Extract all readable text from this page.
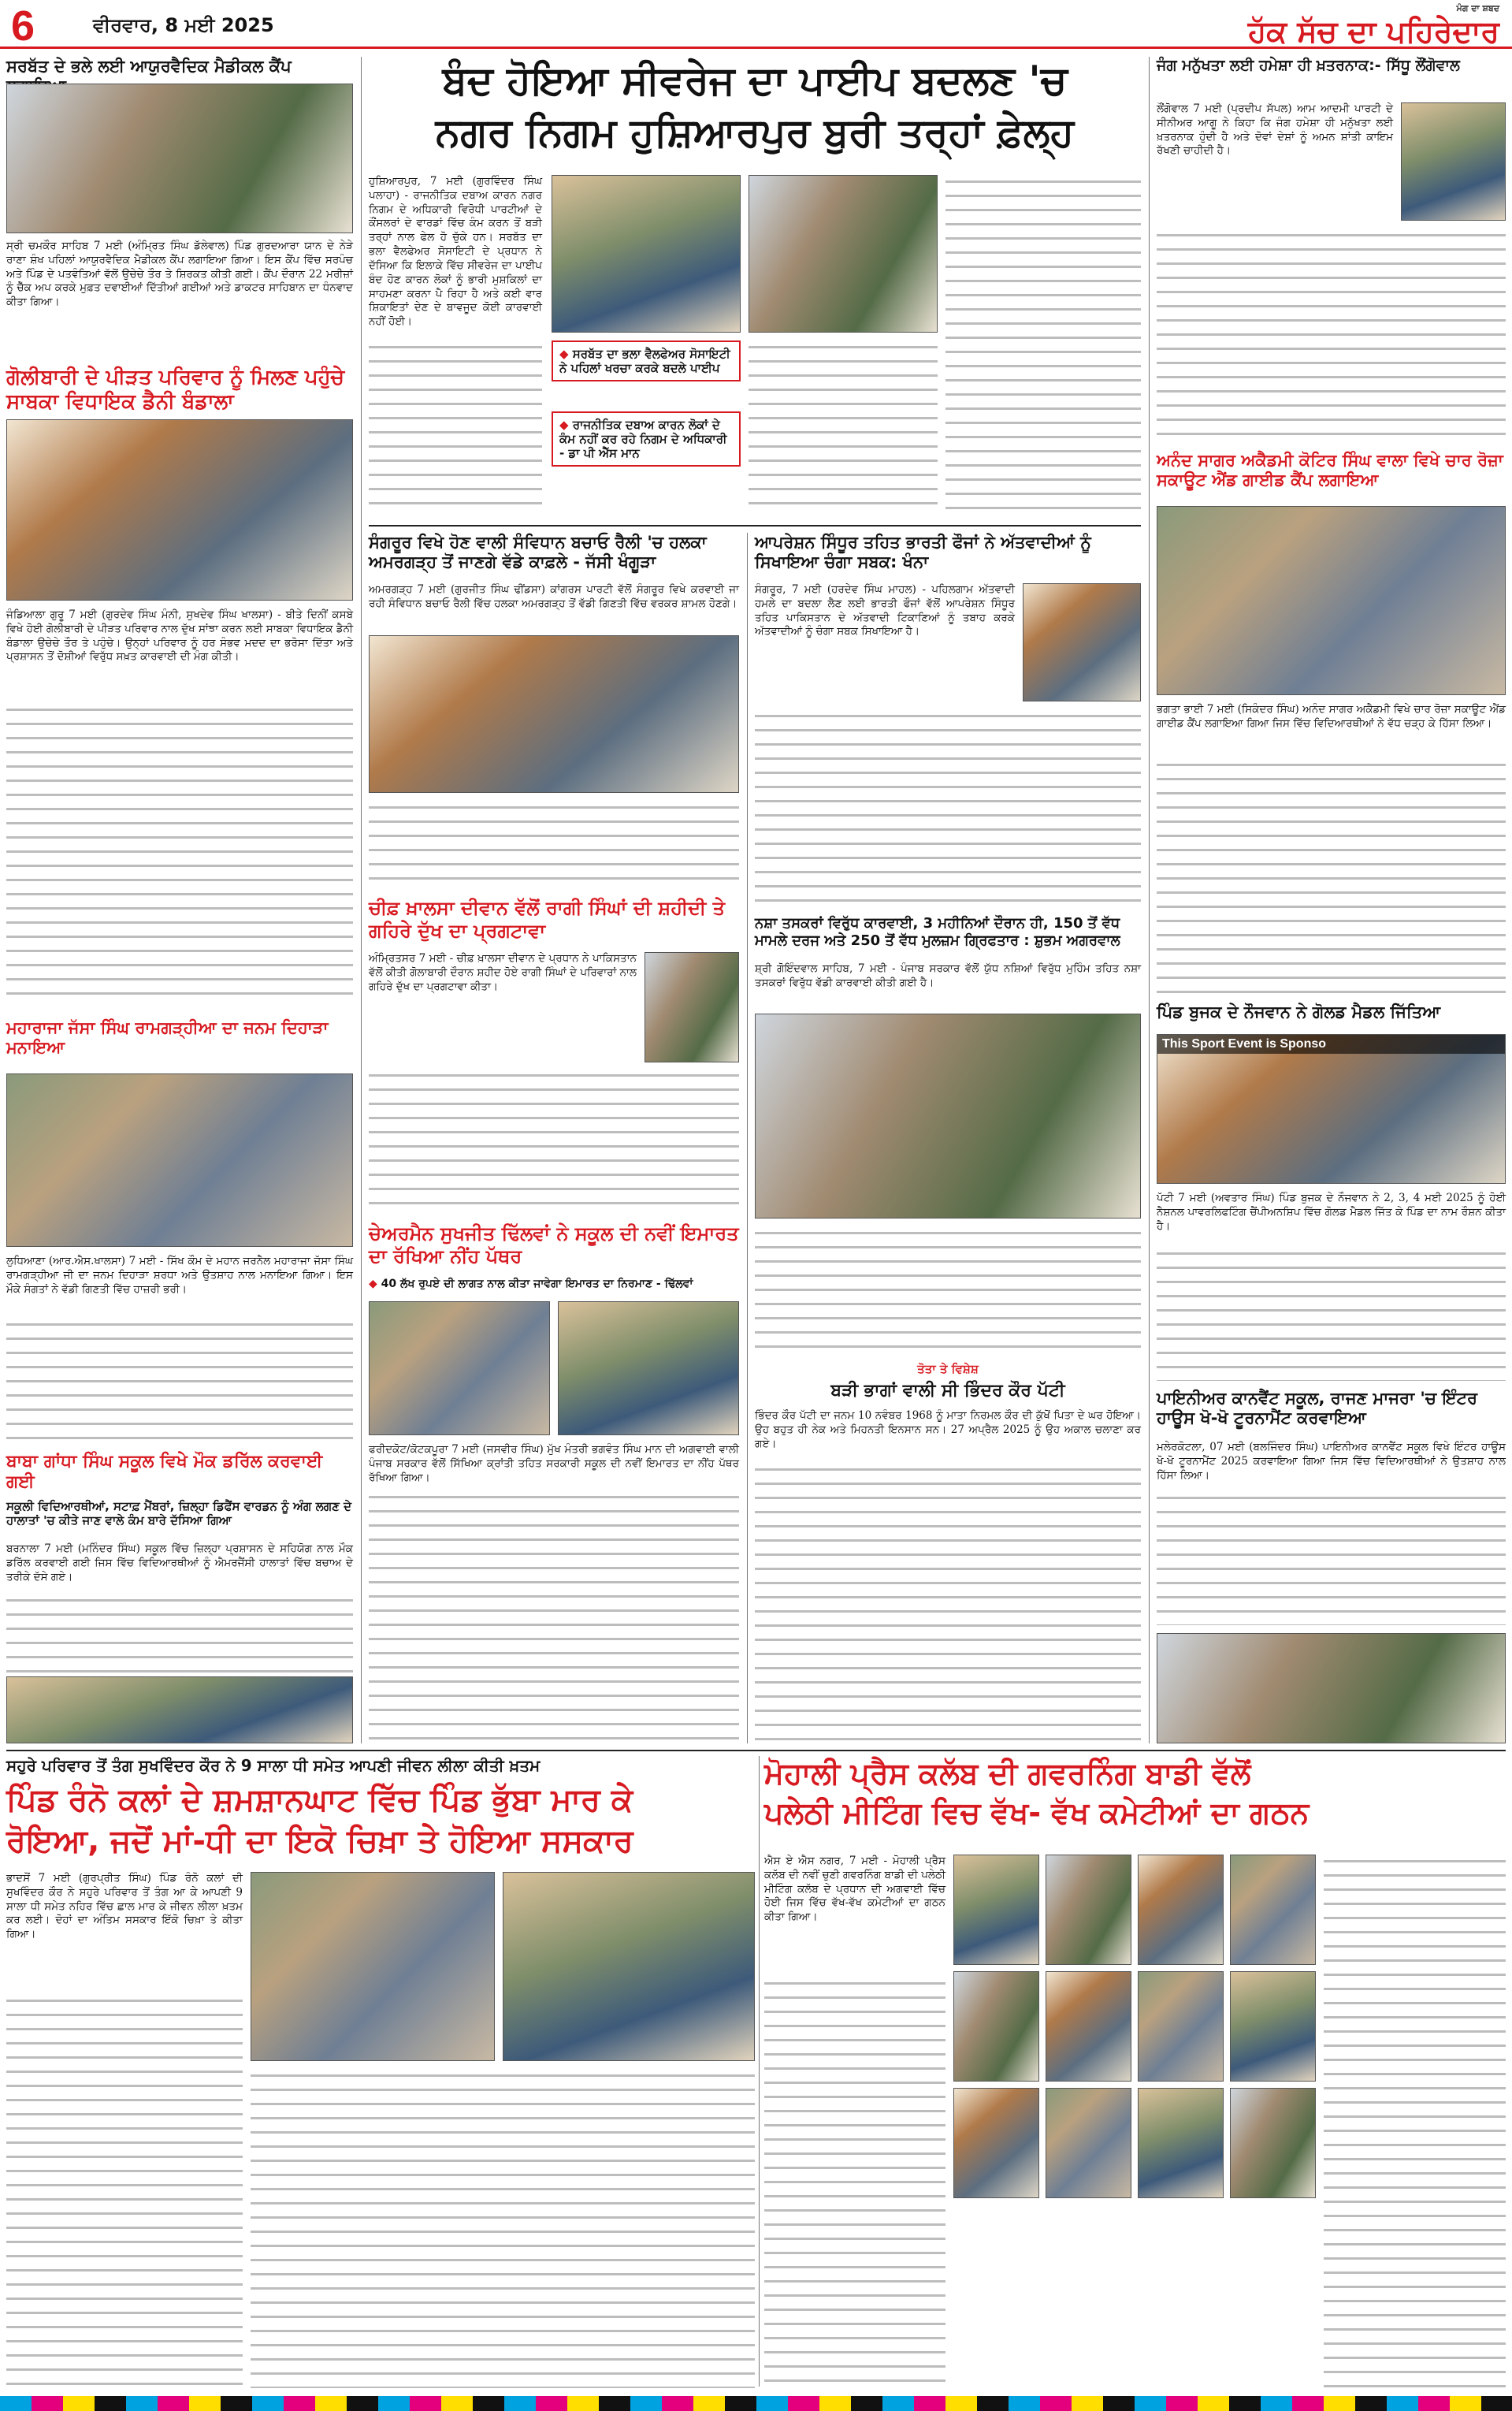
6	ਵੀਰਵਾਰ, 8 ਮਈ 2025
ਮੰਗ ਦਾ ਸ਼ਬਦ
ਹੱਕ ਸੱਚ ਦਾ ਪਹਿਰੇਦਾਰ
ਸਰਬੱਤ ਦੇ ਭਲੇ ਲਈ ਆਯੁਰਵੈਦਿਕ ਮੈਡੀਕਲ ਕੈਂਪ
ਸ੍ਰੀ ਚਮਕੌਰ ਸਾਹਿਬ 7 ਮਈ (ਅੰਮ੍ਰਿਤ ਸਿੰਘ ਡੱਲੇਵਾਲ) ਪਿੰਡ ਗੁਰਦਆਰਾ ਯਾਨ ਦੇ ਨੇੜੇ ਰਾਣਾ ਸ਼ੰਖ ਪਹਿਲਾਂ ਆਯੁਰਵੈਦਿਕ ਮੈਡੀਕਲ ਕੈਂਪ ਲਗਾਇਆ ਗਿਆ। ਇਸ ਕੈਂਪ ਵਿੱਚ ਸਰਪੰਚ ਅਤੇ ਪਿੰਡ ਦੇ ਪਤਵੰਤਿਆਂ ਵੱਲੋਂ ਉਚੇਚੇ ਤੌਰ ਤੇ ਸ਼ਿਰਕਤ ਕੀਤੀ ਗਈ। ਕੈਂਪ ਦੌਰਾਨ 22 ਮਰੀਜ਼ਾਂ ਨੂੰ ਚੈੱਕ ਅਪ ਕਰਕੇ ਮੁਫ਼ਤ ਦਵਾਈਆਂ ਦਿੱਤੀਆਂ ਗਈਆਂ ਅਤੇ ਡਾਕਟਰ ਸਾਹਿਬਾਨ ਦਾ ਧੰਨਵਾਦ ਕੀਤਾ ਗਿਆ।
ਗੋਲੀਬਾਰੀ ਦੇ ਪੀੜਤ ਪਰਿਵਾਰ ਨੂੰ ਮਿਲਣ ਪਹੁੰਚੇ ਸਾਬਕਾ ਵਿਧਾਇਕ ਡੈਨੀ ਬੰਡਾਲਾ
ਜੰਡਿਆਲਾ ਗੁਰੂ 7 ਮਈ (ਗੁਰਦੇਵ ਸਿੰਘ ਮੰਨੀ, ਸੁਖਦੇਵ ਸਿੰਘ ਖਾਲਸਾ) - ਬੀਤੇ ਦਿਨੀਂ ਕਸਬੇ ਵਿਖੇ ਹੋਈ ਗੋਲੀਬਾਰੀ ਦੇ ਪੀੜਤ ਪਰਿਵਾਰ ਨਾਲ ਦੁੱਖ ਸਾਂਝਾ ਕਰਨ ਲਈ ਸਾਬਕਾ ਵਿਧਾਇਕ ਡੈਨੀ ਬੰਡਾਲਾ ਉਚੇਚੇ ਤੌਰ ਤੇ ਪਹੁੰਚੇ। ਉਨ੍ਹਾਂ ਪਰਿਵਾਰ ਨੂੰ ਹਰ ਸੰਭਵ ਮਦਦ ਦਾ ਭਰੋਸਾ ਦਿੱਤਾ ਅਤੇ ਪ੍ਰਸ਼ਾਸਨ ਤੋਂ ਦੋਸ਼ੀਆਂ ਵਿਰੁੱਧ ਸਖ਼ਤ ਕਾਰਵਾਈ ਦੀ ਮੰਗ ਕੀਤੀ।
ਮਹਾਰਾਜਾ ਜੱਸਾ ਸਿੰਘ ਰਾਮਗੜ੍ਹੀਆ ਦਾ ਜਨਮ ਦਿਹਾੜਾ ਮਨਾਇਆ
ਲੁਧਿਆਣਾ (ਆਰ.ਐਸ.ਖਾਲਸਾ) 7 ਮਈ - ਸਿੱਖ ਕੌਮ ਦੇ ਮਹਾਨ ਜਰਨੈਲ ਮਹਾਰਾਜਾ ਜੱਸਾ ਸਿੰਘ ਰਾਮਗੜ੍ਹੀਆ ਜੀ ਦਾ ਜਨਮ ਦਿਹਾੜਾ ਸ਼ਰਧਾ ਅਤੇ ਉਤਸ਼ਾਹ ਨਾਲ ਮਨਾਇਆ ਗਿਆ। ਇਸ ਮੌਕੇ ਸੰਗਤਾਂ ਨੇ ਵੱਡੀ ਗਿਣਤੀ ਵਿੱਚ ਹਾਜ਼ਰੀ ਭਰੀ।
ਬਾਬਾ ਗਾਂਧਾ ਸਿੰਘ ਸਕੂਲ ਵਿਖੇ ਮੌਕ ਡਰਿੱਲ ਕਰਵਾਈ ਗਈ
ਸਕੂਲੀ ਵਿਦਿਆਰਥੀਆਂ, ਸਟਾਫ਼ ਮੈਂਬਰਾਂ, ਜ਼ਿਲ੍ਹਾ ਡਿਫੈਂਸ ਵਾਰਡਨ ਨੂੰ ਅੰਗ ਲਗਣ ਦੇ ਹਾਲਾਤਾਂ 'ਚ ਕੀਤੇ ਜਾਣ ਵਾਲੇ ਕੰਮ ਬਾਰੇ ਦੱਸਿਆ ਗਿਆ
ਬਰਨਾਲਾ 7 ਮਈ (ਮਨਿੰਦਰ ਸਿੰਘ) ਸਕੂਲ ਵਿੱਚ ਜ਼ਿਲ੍ਹਾ ਪ੍ਰਸ਼ਾਸਨ ਦੇ ਸਹਿਯੋਗ ਨਾਲ ਮੌਕ ਡਰਿੱਲ ਕਰਵਾਈ ਗਈ ਜਿਸ ਵਿੱਚ ਵਿਦਿਆਰਥੀਆਂ ਨੂੰ ਐਮਰਜੈਂਸੀ ਹਾਲਾਤਾਂ ਵਿੱਚ ਬਚਾਅ ਦੇ ਤਰੀਕੇ ਦੱਸੇ ਗਏ।
ਬੰਦ ਹੋਇਆ ਸੀਵਰੇਜ ਦਾ ਪਾਈਪ ਬਦਲਣ 'ਚ
ਨਗਰ ਨਿਗਮ ਹੁਸ਼ਿਆਰਪੁਰ ਬੁਰੀ ਤਰ੍ਹਾਂ ਫ਼ੇਲ੍ਹ
ਹੁਸ਼ਿਆਰਪੁਰ, 7 ਮਈ (ਗੁਰਵਿੰਦਰ ਸਿੰਘ ਪਲਾਹਾ) - ਰਾਜਨੀਤਿਕ ਦਬਾਅ ਕਾਰਨ ਨਗਰ ਨਿਗਮ ਦੇ ਅਧਿਕਾਰੀ ਵਿਰੋਧੀ ਪਾਰਟੀਆਂ ਦੇ ਕੌਂਸਲਰਾਂ ਦੇ ਵਾਰਡਾਂ ਵਿੱਚ ਕੰਮ ਕਰਨ ਤੋਂ ਬੜੀ ਤਰ੍ਹਾਂ ਨਾਲ ਫੇਲ ਹੋ ਚੁੱਕੇ ਹਨ। ਸਰਬੱਤ ਦਾ ਭਲਾ ਵੈਲਫੇਅਰ ਸੋਸਾਇਟੀ ਦੇ ਪ੍ਰਧਾਨ ਨੇ ਦੱਸਿਆ ਕਿ ਇਲਾਕੇ ਵਿੱਚ ਸੀਵਰੇਜ ਦਾ ਪਾਈਪ ਬੰਦ ਹੋਣ ਕਾਰਨ ਲੋਕਾਂ ਨੂੰ ਭਾਰੀ ਮੁਸ਼ਕਿਲਾਂ ਦਾ ਸਾਹਮਣਾ ਕਰਨਾ ਪੈ ਰਿਹਾ ਹੈ ਅਤੇ ਕਈ ਵਾਰ ਸ਼ਿਕਾਇਤਾਂ ਦੇਣ ਦੇ ਬਾਵਜੂਦ ਕੋਈ ਕਾਰਵਾਈ ਨਹੀਂ ਹੋਈ।
◆ ਸਰਬੱਤ ਦਾ ਭਲਾ ਵੈਲਫੇਅਰ ਸੋਸਾਇਟੀ ਨੇ ਪਹਿਲਾਂ ਖਰਚਾ ਕਰਕੇ ਬਦਲੇ ਪਾਈਪ
◆ ਰਾਜਨੀਤਿਕ ਦਬਾਅ ਕਾਰਨ ਲੋਕਾਂ ਦੇ ਕੰਮ ਨਹੀਂ ਕਰ ਰਹੇ ਨਿਗਮ ਦੇ ਅਧਿਕਾਰੀ - ਡਾ ਪੀ ਐੱਸ ਮਾਨ
ਸੰਗਰੂਰ ਵਿਖੇ ਹੋਣ ਵਾਲੀ ਸੰਵਿਧਾਨ ਬਚਾਓ ਰੈਲੀ 'ਚ ਹਲਕਾ ਅਮਰਗੜ੍ਹ ਤੋਂ ਜਾਣਗੇ ਵੱਡੇ ਕਾਫ਼ਲੇ - ਜੱਸੀ ਖੰਗੂੜਾ
ਅਮਰਗੜ੍ਹ 7 ਮਈ (ਗੁਰਜੀਤ ਸਿੰਘ ਢੀਂਡਸਾ) ਕਾਂਗਰਸ ਪਾਰਟੀ ਵੱਲੋਂ ਸੰਗਰੂਰ ਵਿਖੇ ਕਰਵਾਈ ਜਾ ਰਹੀ ਸੰਵਿਧਾਨ ਬਚਾਓ ਰੈਲੀ ਵਿੱਚ ਹਲਕਾ ਅਮਰਗੜ੍ਹ ਤੋਂ ਵੱਡੀ ਗਿਣਤੀ ਵਿੱਚ ਵਰਕਰ ਸ਼ਾਮਲ ਹੋਣਗੇ।
ਚੀਫ਼ ਖ਼ਾਲਸਾ ਦੀਵਾਨ ਵੱਲੋਂ ਰਾਗੀ ਸਿੰਘਾਂ ਦੀ ਸ਼ਹੀਦੀ ਤੇ ਗਹਿਰੇ ਦੁੱਖ ਦਾ ਪ੍ਰਗਟਾਵਾ
ਅੰਮ੍ਰਿਤਸਰ 7 ਮਈ - ਚੀਫ਼ ਖ਼ਾਲਸਾ ਦੀਵਾਨ ਦੇ ਪ੍ਰਧਾਨ ਨੇ ਪਾਕਿਸਤਾਨ ਵੱਲੋਂ ਕੀਤੀ ਗੋਲਾਬਾਰੀ ਦੌਰਾਨ ਸ਼ਹੀਦ ਹੋਏ ਰਾਗੀ ਸਿੰਘਾਂ ਦੇ ਪਰਿਵਾਰਾਂ ਨਾਲ ਗਹਿਰੇ ਦੁੱਖ ਦਾ ਪ੍ਰਗਟਾਵਾ ਕੀਤਾ।
ਚੇਅਰਮੈਨ ਸੁਖਜੀਤ ਢਿੱਲਵਾਂ ਨੇ ਸਕੂਲ ਦੀ ਨਵੀਂ ਇਮਾਰਤ ਦਾ ਰੱਖਿਆ ਨੀਂਹ ਪੱਥਰ
◆ 40 ਲੱਖ ਰੁਪਏ ਦੀ ਲਾਗਤ ਨਾਲ ਕੀਤਾ ਜਾਵੇਗਾ ਇਮਾਰਤ ਦਾ ਨਿਰਮਾਣ - ਢਿੱਲਵਾਂ
ਫਰੀਦਕੋਟ/ਕੋਟਕਪੂਰਾ 7 ਮਈ (ਜਸਵੀਰ ਸਿੰਘ) ਮੁੱਖ ਮੰਤਰੀ ਭਗਵੰਤ ਸਿੰਘ ਮਾਨ ਦੀ ਅਗਵਾਈ ਵਾਲੀ ਪੰਜਾਬ ਸਰਕਾਰ ਵੱਲੋਂ ਸਿੱਖਿਆ ਕ੍ਰਾਂਤੀ ਤਹਿਤ ਸਰਕਾਰੀ ਸਕੂਲ ਦੀ ਨਵੀਂ ਇਮਾਰਤ ਦਾ ਨੀਂਹ ਪੱਥਰ ਰੱਖਿਆ ਗਿਆ।
ਆਪਰੇਸ਼ਨ ਸਿੰਧੂਰ ਤਹਿਤ ਭਾਰਤੀ ਫੌਜਾਂ ਨੇ ਅੱਤਵਾਦੀਆਂ ਨੂੰ ਸਿਖਾਇਆ ਚੰਗਾ ਸਬਕ: ਖੰਨਾ
ਸੰਗਰੂਰ, 7 ਮਈ (ਹਰਦੇਵ ਸਿੰਘ ਮਾਹਲ) - ਪਹਿਲਗਾਮ ਅੱਤਵਾਦੀ ਹਮਲੇ ਦਾ ਬਦਲਾ ਲੈਣ ਲਈ ਭਾਰਤੀ ਫੌਜਾਂ ਵੱਲੋਂ ਆਪਰੇਸ਼ਨ ਸਿੰਧੂਰ ਤਹਿਤ ਪਾਕਿਸਤਾਨ ਦੇ ਅੱਤਵਾਦੀ ਟਿਕਾਣਿਆਂ ਨੂੰ ਤਬਾਹ ਕਰਕੇ ਅੱਤਵਾਦੀਆਂ ਨੂੰ ਚੰਗਾ ਸਬਕ ਸਿਖਾਇਆ ਹੈ।
ਨਸ਼ਾ ਤਸਕਰਾਂ ਵਿਰੁੱਧ ਕਾਰਵਾਈ, 3 ਮਹੀਨਿਆਂ ਦੌਰਾਨ ਹੀ, 150 ਤੋਂ ਵੱਧ ਮਾਮਲੇ ਦਰਜ ਅਤੇ 250 ਤੋਂ ਵੱਧ ਮੁਲਜ਼ਮ ਗ੍ਰਿਫਤਾਰ : ਸ਼ੁਭਮ ਅਗਰਵਾਲ
ਸ਼੍ਰੀ ਗੋਇੰਦਵਾਲ ਸਾਹਿਬ, 7 ਮਈ - ਪੰਜਾਬ ਸਰਕਾਰ ਵੱਲੋਂ ਯੁੱਧ ਨਸ਼ਿਆਂ ਵਿਰੁੱਧ ਮੁਹਿੰਮ ਤਹਿਤ ਨਸ਼ਾ ਤਸਕਰਾਂ ਵਿਰੁੱਧ ਵੱਡੀ ਕਾਰਵਾਈ ਕੀਤੀ ਗਈ ਹੈ।
ਤੋਤਾ ਤੇ ਵਿਸ਼ੇਸ਼
ਬੜੀ ਭਾਗਾਂ ਵਾਲੀ ਸੀ ਭਿੰਦਰ ਕੌਰ ਪੱਟੀ
ਭਿੰਦਰ ਕੌਰ ਪੱਟੀ ਦਾ ਜਨਮ 10 ਨਵੰਬਰ 1968 ਨੂੰ ਮਾਤਾ ਨਿਰਮਲ ਕੌਰ ਦੀ ਕੁੱਖੋਂ ਪਿਤਾ ਦੇ ਘਰ ਹੋਇਆ। ਉਹ ਬਹੁਤ ਹੀ ਨੇਕ ਅਤੇ ਮਿਹਨਤੀ ਇਨਸਾਨ ਸਨ। 27 ਅਪ੍ਰੈਲ 2025 ਨੂੰ ਉਹ ਅਕਾਲ ਚਲਾਣਾ ਕਰ ਗਏ।
ਜੰਗ ਮਨੁੱਖਤਾ ਲਈ ਹਮੇਸ਼ਾ ਹੀ ਖ਼ਤਰਨਾਕ:- ਸਿੱਧੂ ਲੌਂਗੋਵਾਲ
ਲੌਂਗੋਵਾਲ 7 ਮਈ (ਪ੍ਰਦੀਪ ਸੱਪਲ) ਆਮ ਆਦਮੀ ਪਾਰਟੀ ਦੇ ਸੀਨੀਅਰ ਆਗੂ ਨੇ ਕਿਹਾ ਕਿ ਜੰਗ ਹਮੇਸ਼ਾ ਹੀ ਮਨੁੱਖਤਾ ਲਈ ਖ਼ਤਰਨਾਕ ਹੁੰਦੀ ਹੈ ਅਤੇ ਦੋਵਾਂ ਦੇਸ਼ਾਂ ਨੂੰ ਅਮਨ ਸ਼ਾਂਤੀ ਕਾਇਮ ਰੱਖਣੀ ਚਾਹੀਦੀ ਹੈ।
ਅਨੰਦ ਸਾਗਰ ਅਕੈਡਮੀ ਕੋਟਿਰ ਸਿੰਘ ਵਾਲਾ ਵਿਖੇ ਚਾਰ ਰੋਜ਼ਾ ਸਕਾਊਟ ਐਂਡ ਗਾਈਡ ਕੈਂਪ ਲਗਾਇਆ
ਭਗਤਾ ਭਾਈ 7 ਮਈ (ਸਿਕੰਦਰ ਸਿੰਘ) ਅਨੰਦ ਸਾਗਰ ਅਕੈਡਮੀ ਵਿਖੇ ਚਾਰ ਰੋਜ਼ਾ ਸਕਾਊਟ ਐਂਡ ਗਾਈਡ ਕੈਂਪ ਲਗਾਇਆ ਗਿਆ ਜਿਸ ਵਿੱਚ ਵਿਦਿਆਰਥੀਆਂ ਨੇ ਵੱਧ ਚੜ੍ਹ ਕੇ ਹਿੱਸਾ ਲਿਆ।
ਪਿੰਡ ਬੁਜਕ ਦੇ ਨੌਜਵਾਨ ਨੇ ਗੋਲਡ ਮੈਡਲ ਜਿੱਤਿਆ
This Sport Event is Sponso
ਪੱਟੀ 7 ਮਈ (ਅਵਤਾਰ ਸਿੰਘ) ਪਿੰਡ ਬੁਜਕ ਦੇ ਨੌਜਵਾਨ ਨੇ 2, 3, 4 ਮਈ 2025 ਨੂੰ ਹੋਈ ਨੈਸ਼ਨਲ ਪਾਵਰਲਿਫਟਿੰਗ ਚੈਂਪੀਅਨਸ਼ਿਪ ਵਿੱਚ ਗੋਲਡ ਮੈਡਲ ਜਿੱਤ ਕੇ ਪਿੰਡ ਦਾ ਨਾਮ ਰੌਸ਼ਨ ਕੀਤਾ ਹੈ।
ਪਾਇਨੀਅਰ ਕਾਨਵੈਂਟ ਸਕੂਲ, ਰਾਜਣ ਮਾਜਰਾ 'ਚ ਇੰਟਰ ਹਾਊਸ ਖੋ-ਖੋ ਟੂਰਨਾਮੈਂਟ ਕਰਵਾਇਆ
ਮਲੇਰਕੋਟਲਾ, 07 ਮਈ (ਬਲਜਿੰਦਰ ਸਿੰਘ) ਪਾਇਨੀਅਰ ਕਾਨਵੈਂਟ ਸਕੂਲ ਵਿਖੇ ਇੰਟਰ ਹਾਊਸ ਖੋ-ਖੋ ਟੂਰਨਾਮੈਂਟ 2025 ਕਰਵਾਇਆ ਗਿਆ ਜਿਸ ਵਿੱਚ ਵਿਦਿਆਰਥੀਆਂ ਨੇ ਉਤਸ਼ਾਹ ਨਾਲ ਹਿੱਸਾ ਲਿਆ।
ਸਹੁਰੇ ਪਰਿਵਾਰ ਤੋਂ ਤੰਗ ਸੁਖਵਿੰਦਰ ਕੌਰ ਨੇ 9 ਸਾਲਾ ਧੀ ਸਮੇਤ ਆਪਣੀ ਜੀਵਨ ਲੀਲਾ ਕੀਤੀ ਖ਼ਤਮ
ਪਿੰਡ ਰੰਨੋ ਕਲਾਂ ਦੇ ਸ਼ਮਸ਼ਾਨਘਾਟ ਵਿੱਚ ਪਿੰਡ ਭੁੱਬਾ ਮਾਰ ਕੇ
ਰੋਇਆ, ਜਦੋਂ ਮਾਂ-ਧੀ ਦਾ ਇਕੋ ਚਿਖ਼ਾ ਤੇ ਹੋਇਆ ਸਸਕਾਰ
ਭਾਦਸੋਂ 7 ਮਈ (ਗੁਰਪ੍ਰੀਤ ਸਿੰਘ) ਪਿੰਡ ਰੰਨੋ ਕਲਾਂ ਦੀ ਸੁਖਵਿੰਦਰ ਕੌਰ ਨੇ ਸਹੁਰੇ ਪਰਿਵਾਰ ਤੋਂ ਤੰਗ ਆ ਕੇ ਆਪਣੀ 9 ਸਾਲਾ ਧੀ ਸਮੇਤ ਨਹਿਰ ਵਿੱਚ ਛਾਲ ਮਾਰ ਕੇ ਜੀਵਨ ਲੀਲਾ ਖ਼ਤਮ ਕਰ ਲਈ। ਦੋਹਾਂ ਦਾ ਅੰਤਿਮ ਸਸਕਾਰ ਇੱਕੋ ਚਿਖ਼ਾ ਤੇ ਕੀਤਾ ਗਿਆ।
ਮੋਹਾਲੀ ਪ੍ਰੈਸ ਕਲੱਬ ਦੀ ਗਵਰਨਿੰਗ ਬਾਡੀ ਵੱਲੋਂ
ਪਲੇਠੀ ਮੀਟਿੰਗ ਵਿਚ ਵੱਖ- ਵੱਖ ਕਮੇਟੀਆਂ ਦਾ ਗਠਨ
ਐਸ ਏ ਐਸ ਨਗਰ, 7 ਮਈ - ਮੋਹਾਲੀ ਪ੍ਰੈਸ ਕਲੱਬ ਦੀ ਨਵੀਂ ਚੁਣੀ ਗਵਰਨਿੰਗ ਬਾਡੀ ਦੀ ਪਲੇਠੀ ਮੀਟਿੰਗ ਕਲੱਬ ਦੇ ਪ੍ਰਧਾਨ ਦੀ ਅਗਵਾਈ ਵਿੱਚ ਹੋਈ ਜਿਸ ਵਿੱਚ ਵੱਖ-ਵੱਖ ਕਮੇਟੀਆਂ ਦਾ ਗਠਨ ਕੀਤਾ ਗਿਆ।
